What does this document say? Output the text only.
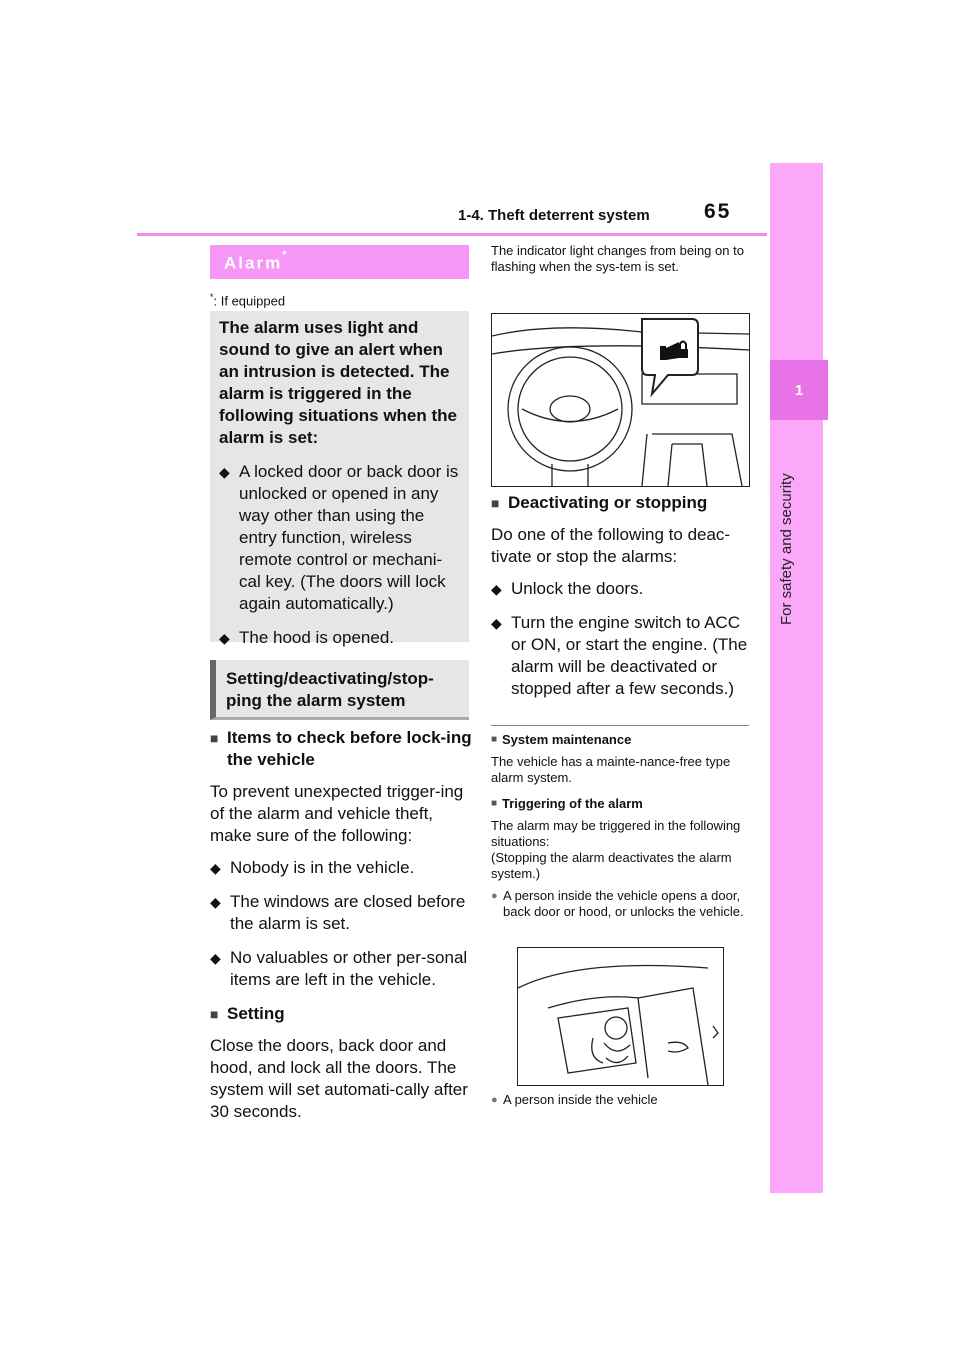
1-4. Theft deterrent system	65
1
For safety and security
Alarm*
*: If equipped

The alarm uses light and sound to give an alert when an intrusion is detected. The alarm is triggered in the following situations when the alarm is set:

◆ A locked door or back door is unlocked or opened in any way other than using the entry function, wireless remote control or mechani-cal key. (The doors will lock again automatically.)
◆ The hood is opened.
Setting/deactivating/stop-
ping the alarm system
■ Items to check before lock-ing the vehicle

To prevent unexpected trigger-ing of the alarm and vehicle theft, make sure of the following:

◆ Nobody is in the vehicle.
◆ The windows are closed before the alarm is set.
◆ No valuables or other per-sonal items are left in the vehicle.
■ Setting

Close the doors, back door and hood, and lock all the doors. The system will set automati-cally after 30 seconds.

The indicator light changes from being on to flashing when the sys-tem is set.
■ Deactivating or stopping

Do one of the following to deac-tivate or stop the alarms:

◆ Unlock the doors.
◆ Turn the engine switch to ACC or ON, or start the engine. (The alarm will be deactivated or stopped after a few seconds.)
■ System maintenance
The vehicle has a mainte-nance-free type alarm system.
■ Triggering of the alarm
The alarm may be triggered in the following situations:
(Stopping the alarm deactivates the alarm system.)
● A person inside the vehicle opens a door, back door or hood, or unlocks the vehicle.
● A person inside the vehicle
